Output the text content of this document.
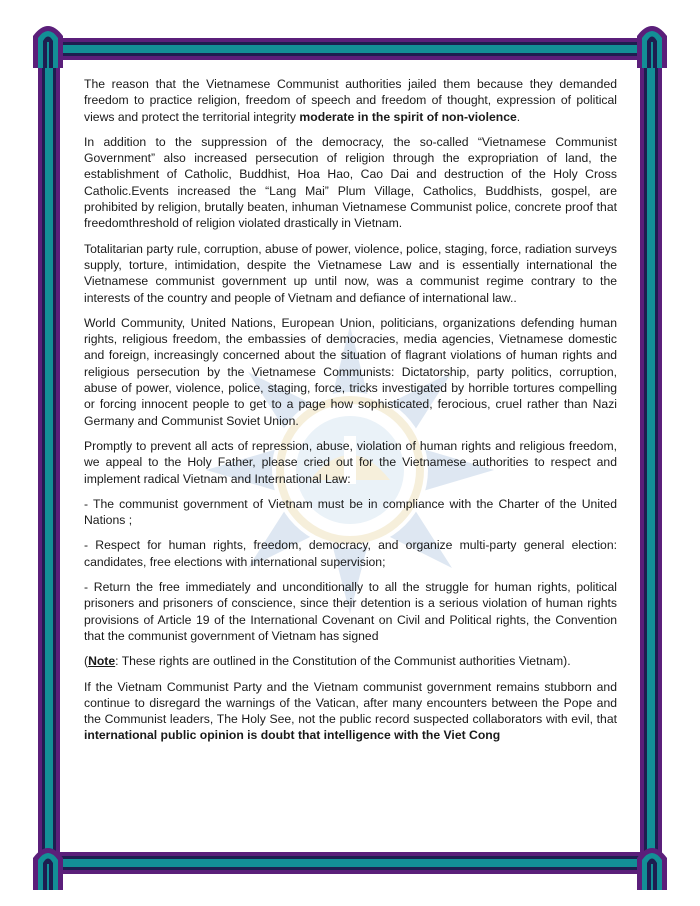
The reason that the Vietnamese Communist authorities jailed them because they demanded freedom to practice religion, freedom of speech and freedom of thought, expression of political views and protect the territorial integrity moderate in the spirit of non-violence.

In addition to the suppression of the democracy, the so-called “Vietnamese Communist Government” also increased persecution of religion through the expropriation of land, the establishment of Catholic, Buddhist, Hoa Hao, Cao Dai and destruction of the Holy Cross Catholic.Events increased the “Lang Mai” Plum Village, Catholics, Buddhists, gospel, are prohibited by religion, brutally beaten, inhuman Vietnamese Communist police, concrete proof that freedomthreshold of religion violated drastically in Vietnam.

Totalitarian party rule, corruption, abuse of power, violence, police, staging, force, radiation surveys supply, torture, intimidation, despite the Vietnamese Law and is essentially international the Vietnamese communist government up until now, was a communist regime contrary to the interests of the country and people of Vietnam and defiance of international law..

World Community, United Nations, European Union, politicians, organizations defending human rights, religious freedom, the embassies of democracies, media agencies, Vietnamese domestic and foreign, increasingly concerned about the situation of flagrant violations of human rights and religious persecution by the Vietnamese Communists: Dictatorship, party politics, corruption, abuse of power, violence, police, staging, force, tricks investigated by horrible tortures compelling or forcing innocent people to get to a page how sophisticated, ferocious, cruel rather than Nazi Germany and Communist Soviet Union.

Promptly to prevent all acts of repression, abuse, violation of human rights and religious freedom, we appeal to the Holy Father, please cried out for the Vietnamese authorities to respect and implement radical Vietnam and International Law:

- The communist government of Vietnam must be in compliance with the Charter of the United Nations ;

- Respect for human rights, freedom, democracy, and organize multi-party general election: candidates, free elections with international supervision;

- Return the free immediately and unconditionally to all the struggle for human rights, political prisoners and prisoners of conscience, since their detention is a serious violation of human rights provisions of Article 19 of the International Covenant on Civil and Political rights, the Convention that the communist government of Vietnam has signed

(Note: These rights are outlined in the Constitution of the Communist authorities Vietnam).

If the Vietnam Communist Party and the Vietnam communist government remains stubborn and continue to disregard the warnings of the Vatican, after many encounters between the Pope and the Communist leaders, The Holy See, not the public record suspected collaborators with evil, that international public opinion is doubt that intelligence with the Viet Cong
